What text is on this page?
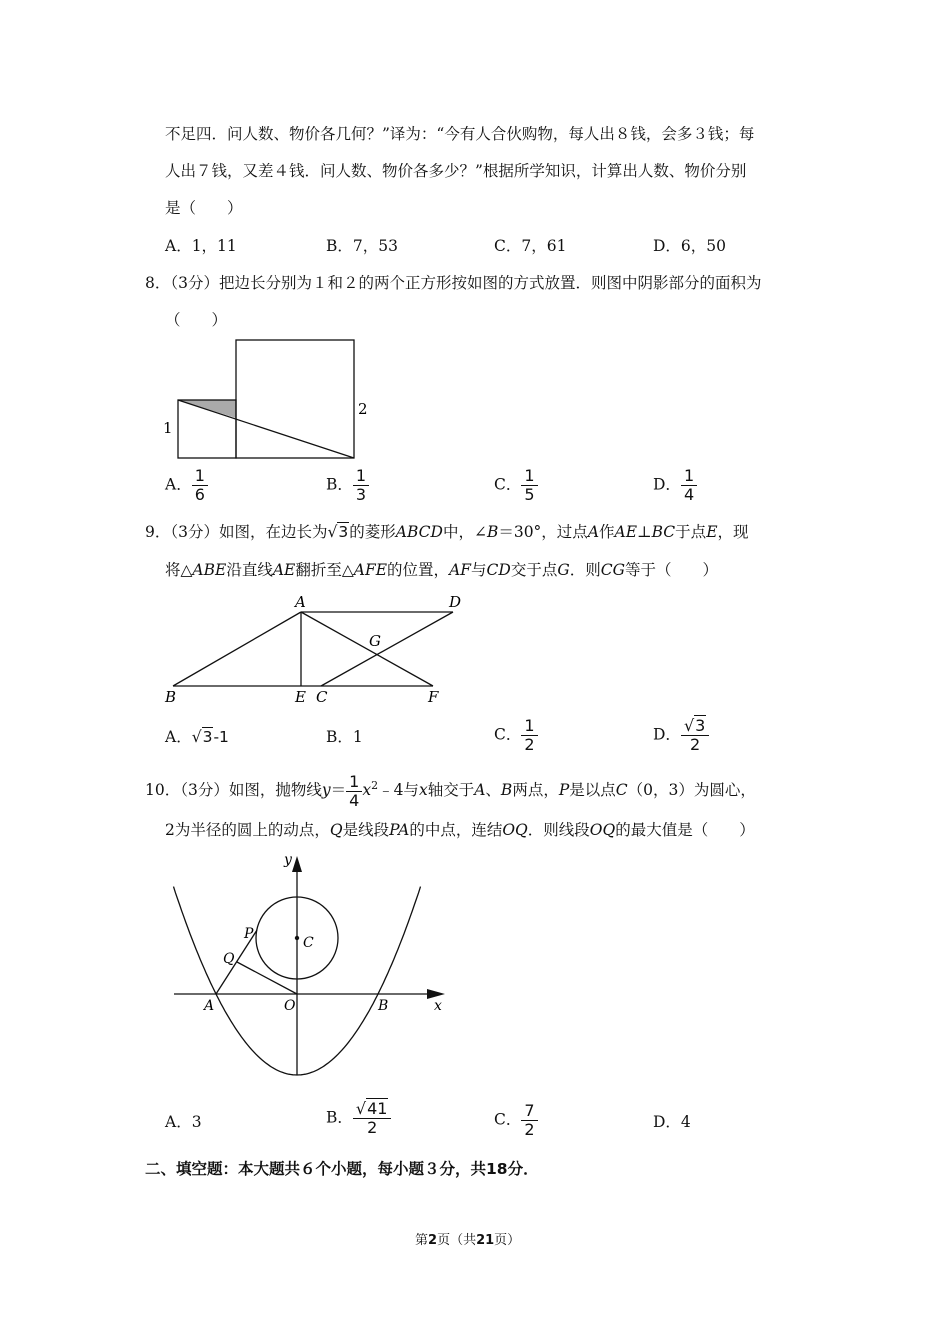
不足四．问人数、物价各几何？”译为：“今有人合伙购物，每人出８钱，会多３钱；每
人出７钱，又差４钱．问人数、物价各多少？”根据所学知识，计算出人数、物价分别
是（　　）
A．1，11	B．7，53	C．7，61	D．6，50
8．（3分）把边长分别为１和２的两个正方形按如图的方式放置．则图中阴影部分的面积为
（　　）
1
2
A． $\frac{1}{6}$	B． $\frac{1}{3}$	C． $\frac{1}{5}$	D． $\frac{1}{4}$
9．（3分）如图，在边长为√3的菱形ABCD中，∠B＝30°，过点A作AE⊥BC于点E，现
将△ABE沿直线AE翻折至△AFE的位置，AF与CD交于点G．则CG等于（　　）
A	D
G
B	E C	F
A．√3-1	B．1	C． $\frac{1}{2}$	D． $\frac{√3}{2}$
10．（3分）如图，抛物线$y= \frac{1}{4}$ $x^2﹣4$与x轴交于A、B两点，P是以点C（0，3）为圆心，
2为半径的圆上的动点，Q是线段PA的中点，连结OQ．则线段OQ的最大值是（　　）
y
x
P
C
Q
A	O	B
A．3	B． $\frac{√41}{2}$	C． $\frac{7}{2}$	D．4
二、填空题：本大题共６个小题，每小题３分，共18分．
第2页（共21页）
